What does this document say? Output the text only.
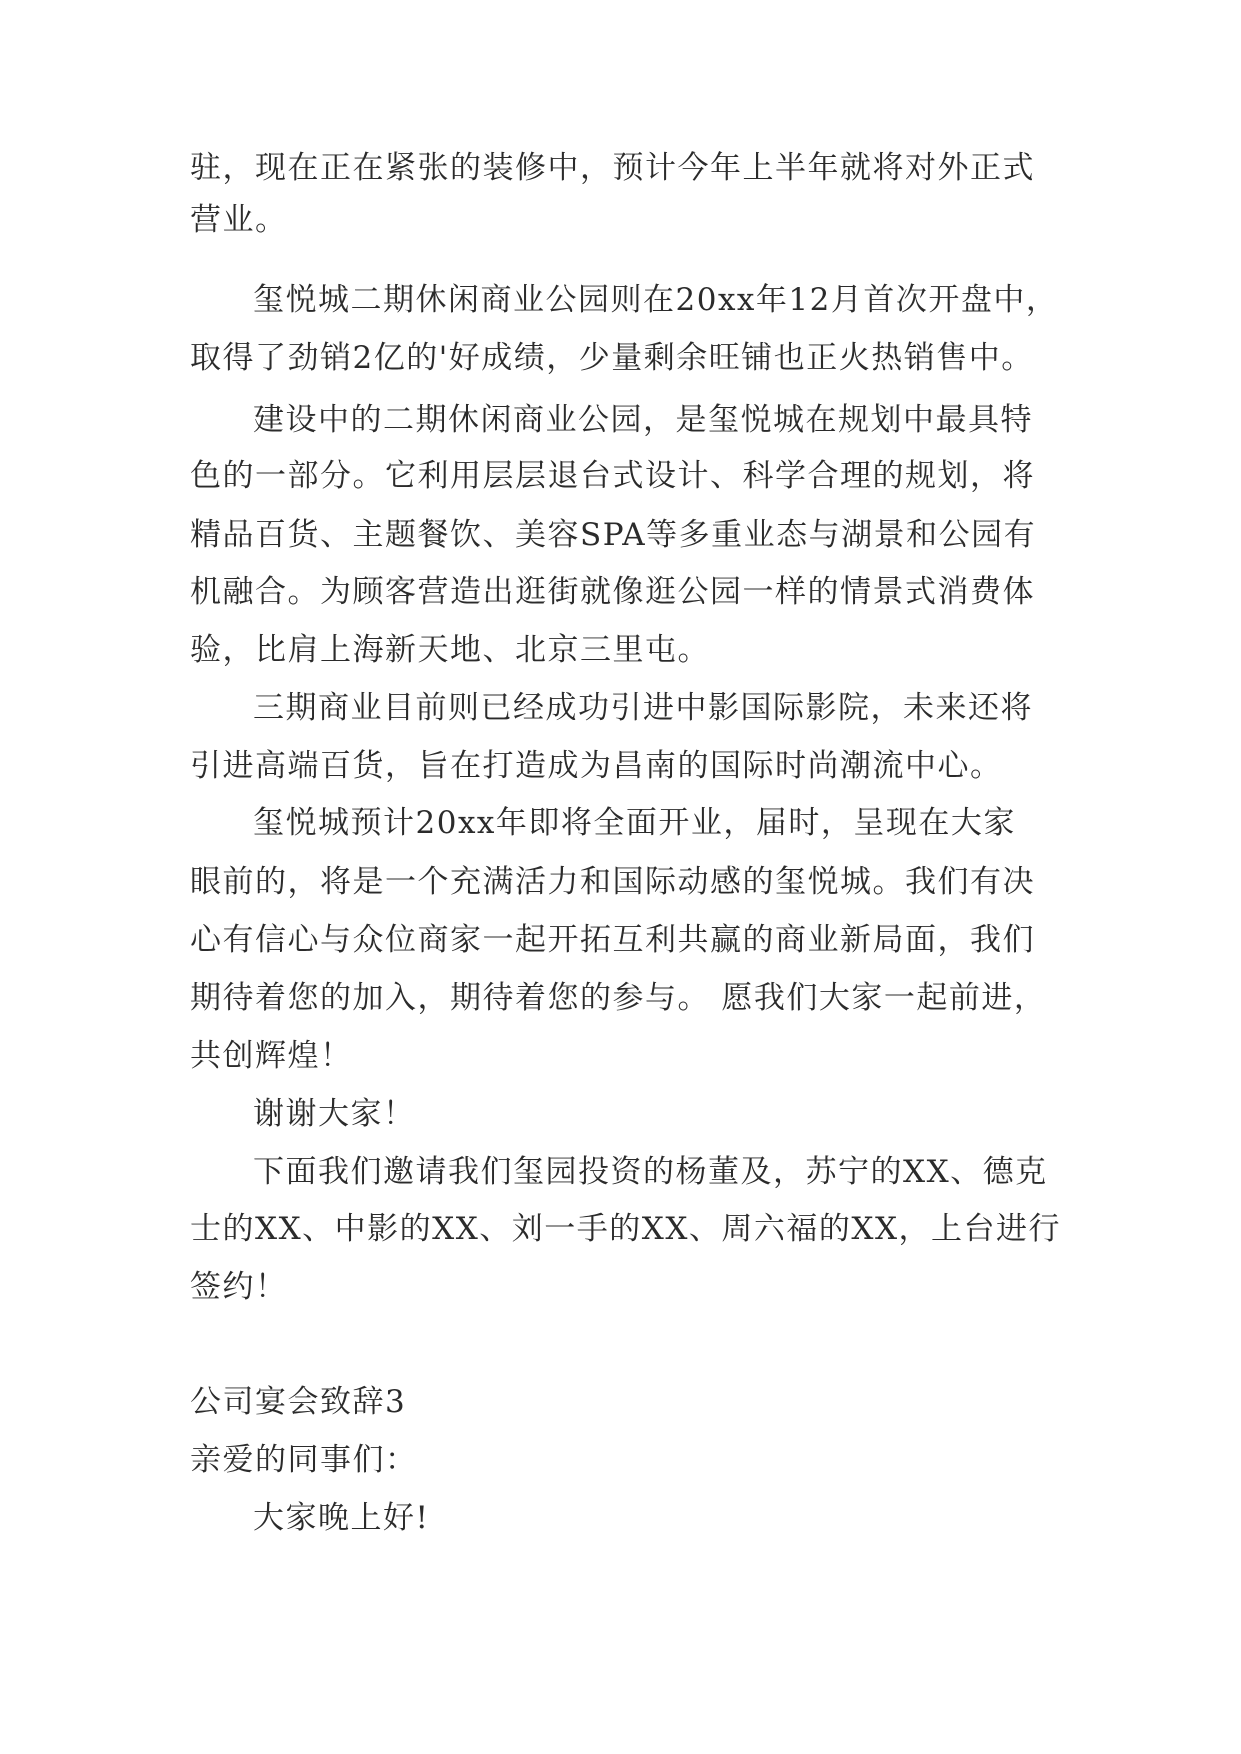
驻，现在正在紧张的装修中，预计今年上半年就将对外正式
营业。
玺悦城二期休闲商业公园则在20xx年12月首次开盘中，
取得了劲销2亿的'好成绩，少量剩余旺铺也正火热销售中。
建设中的二期休闲商业公园，是玺悦城在规划中最具特
色的一部分。它利用层层退台式设计、科学合理的规划，将
精品百货、主题餐饮、美容SPA等多重业态与湖景和公园有
机融合。为顾客营造出逛街就像逛公园一样的情景式消费体
验，比肩上海新天地、北京三里屯。
三期商业目前则已经成功引进中影国际影院，未来还将
引进高端百货，旨在打造成为昌南的国际时尚潮流中心。
玺悦城预计20xx年即将全面开业，届时，呈现在大家
眼前的，将是一个充满活力和国际动感的玺悦城。我们有决
心有信心与众位商家一起开拓互利共赢的商业新局面，我们
期待着您的加入，期待着您的参与。 愿我们大家一起前进，
共创辉煌！
谢谢大家！
下面我们邀请我们玺园投资的杨董及，苏宁的XX、德克
士的XX、中影的XX、刘一手的XX、周六福的XX，上台进行
签约！
公司宴会致辞3
亲爱的同事们：
大家晚上好!
